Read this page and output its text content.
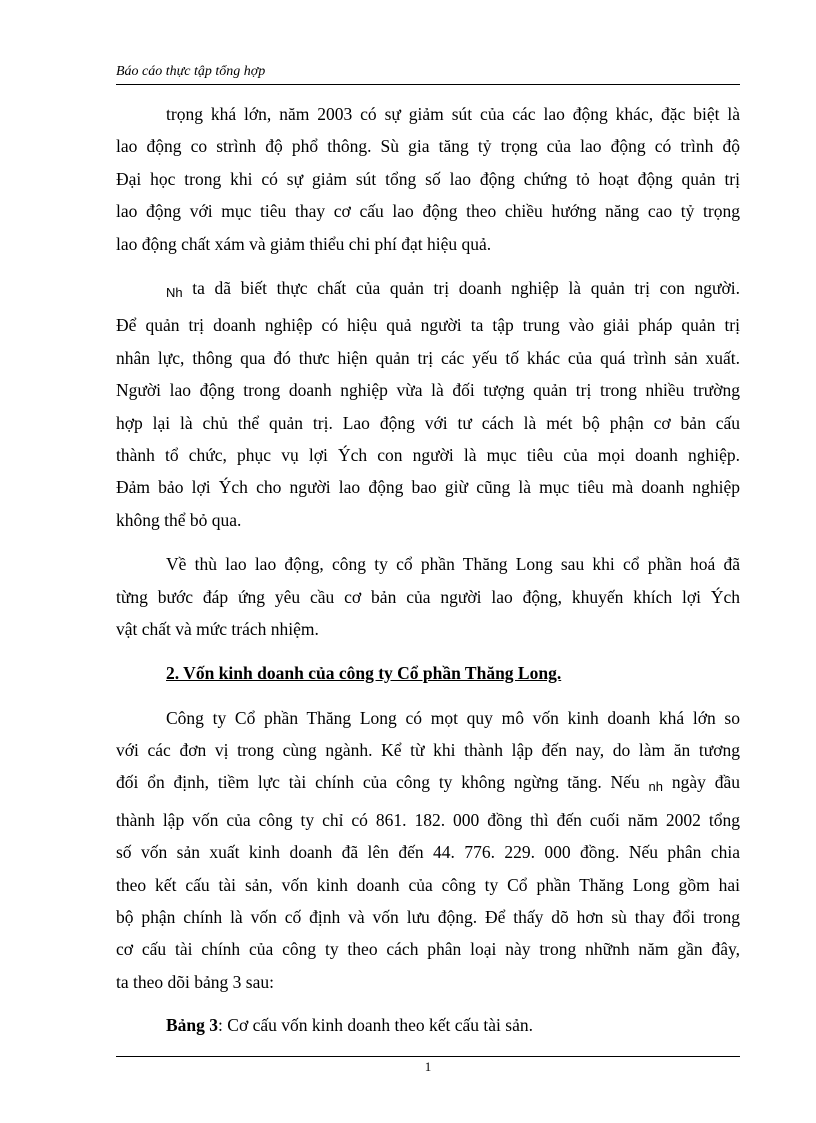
Báo cáo thực tập tổng hợp

trọng khá lớn, năm 2003 có sự giảm sút của các lao động khác, đặc biệt là
lao động co strình độ phổ thông. Sù gia tăng tỷ trọng của lao động có trình độ
Đại học trong khi có sự giảm sút tổng số lao động chứng tỏ hoạt động quản trị
lao động với mục tiêu thay cơ cấu lao động theo chiều hướng năng cao tỷ trọng
lao động chất xám và giảm thiểu chi phí đạt hiệu quả.

Nh ta dã biết thực chất của quản trị doanh nghiệp là quản trị con người.
Để quản trị doanh nghiệp có hiệu quả người ta tập trung vào giải pháp quản trị
nhân lực, thông qua đó thưc hiện quản trị các yếu tố khác của quá trình sản xuất.
Người lao động trong doanh nghiệp vừa là đối tượng quản trị trong nhiều trường
hợp lại là chủ thể quản trị. Lao động với tư cách là mét bộ phận cơ bản cấu
thành tổ chức, phục vụ lợi Ých con người là mục tiêu của mọi doanh nghiệp.
Đảm bảo lợi Ých cho người lao động bao giừ cũng là mục tiêu mà doanh nghiệp
không thể bỏ qua.

Về thù lao lao động, công ty cổ phần Thăng Long sau khi cổ phần hoá đã
từng bước đáp ứng yêu cầu cơ bản của người lao động, khuyến khích lợi Ých
vật chất và mức trách nhiệm.

2. Vốn kinh doanh của công ty Cổ phần Thăng Long.

Công ty Cổ phần Thăng Long có mọt quy mô vốn kinh doanh khá lớn so
với các đơn vị trong cùng ngành. Kể từ khi thành lập đến nay, do làm ăn tương
đối ổn định, tiềm lực tài chính của công ty không ngừng tăng. Nếu nh ngày đầu
thành lập vốn của công ty chỉ có 861. 182. 000 đồng thì đến cuối năm 2002 tổng
số vốn sản xuất kinh doanh đã lên đến 44. 776. 229. 000 đồng. Nếu phân chia
theo kết cấu tài sản, vốn kinh doanh của công ty Cổ phần Thăng Long gồm hai
bộ phận chính là vốn cố định và vốn lưu động. Để thấy dõ hơn sù thay đổi trong
cơ cấu tài chính của công ty theo cách phân loại này trong nhữnh năm gần đây,
ta theo dõi bảng 3 sau:

Bảng 3: Cơ cấu vốn kinh doanh theo kết cấu tài sản.

1
